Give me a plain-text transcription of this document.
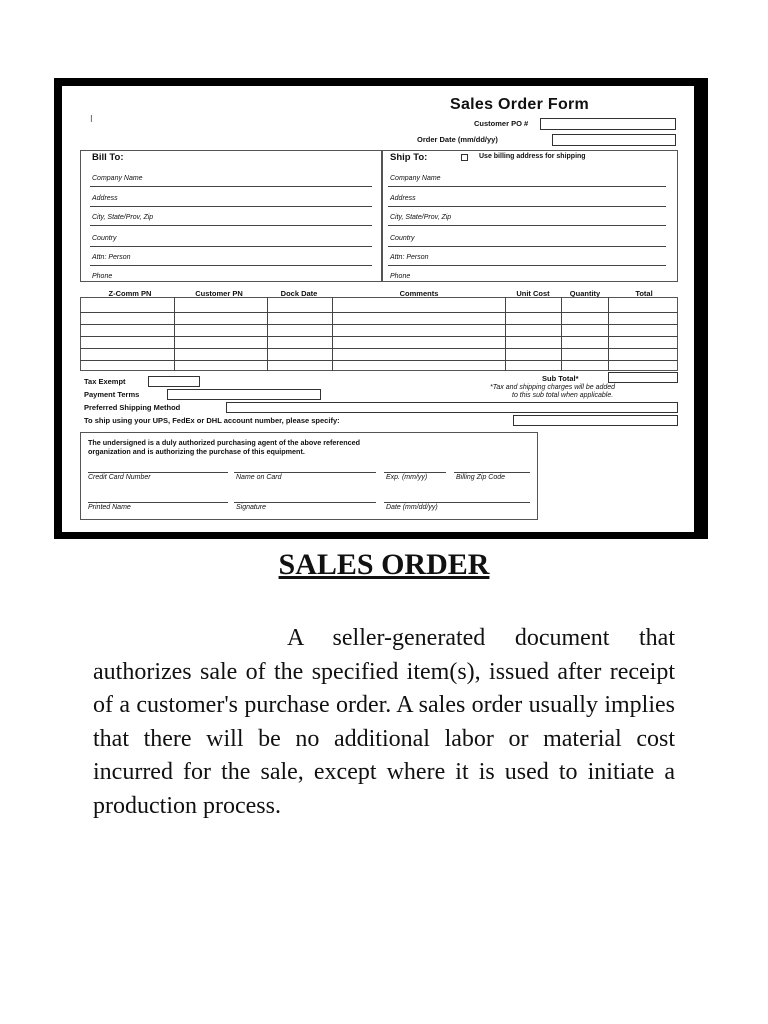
I
Sales Order Form
Customer PO #
Order Date (mm/dd/yy)
Bill To:
Company Name
Address
City, State/Prov, Zip
Country
Attn: Person
Phone
Ship To:	Use billing address for shipping
Company Name
Address
City, State/Prov, Zip
Country
Attn: Person
Phone
Z-Comm PN	Customer PN	Dock Date	Comments	Unit Cost	Quantity	Total
Tax Exempt
Payment Terms
Preferred Shipping Method
To ship using your UPS, FedEx or DHL account number, please specify:
Sub Total*
*Tax and shipping charges will be added
to this sub total when applicable.
The undersigned is a duly authorized purchasing agent of the above referenced
organization and is authorizing the purchase of this equipment.
Credit Card Number	Name on Card	Exp. (mm/yy)	Billing Zip Code
Printed Name	Signature	Date (mm/dd/yy)
SALES ORDER
A seller-generated document that authorizes sale of the specified item(s), issued after receipt of a customer's purchase order. A sales order usually implies that there will be no additional labor or material cost incurred for the sale, except where it is used to initiate a production process.
